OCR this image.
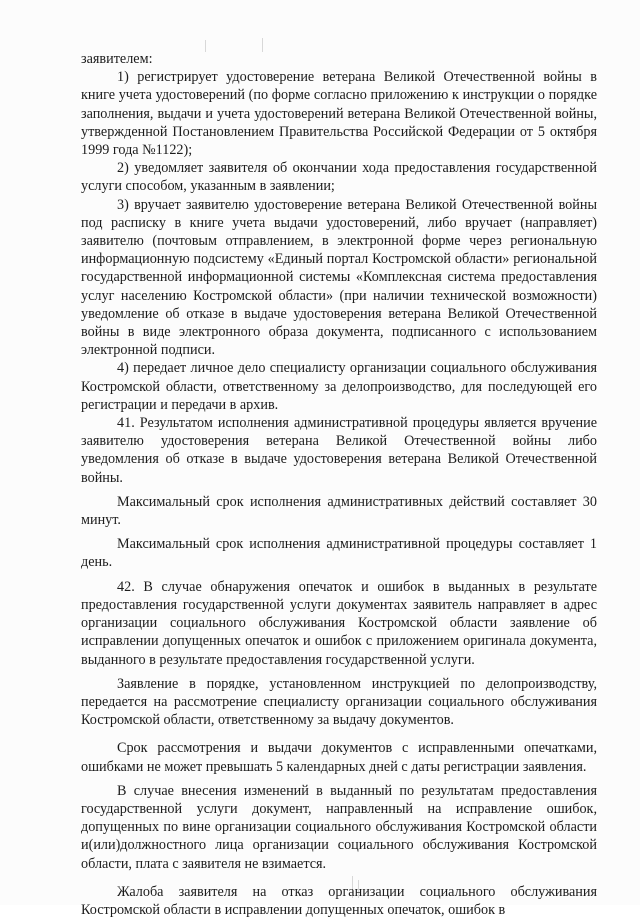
заявителем:

1) регистрирует удостоверение ветерана Великой Отечественной войны в книге учета удостоверений (по форме согласно приложению к инструкции о порядке заполнения, выдачи и учета удостоверений ветерана Великой Отечественной войны, утвержденной Постановлением Правительства Российской Федерации от 5 октября 1999 года №1122);

2) уведомляет заявителя об окончании хода предоставления государственной услуги способом, указанным в заявлении;

3) вручает заявителю удостоверение ветерана Великой Отечественной войны под расписку в книге учета выдачи удостоверений, либо вручает (направляет) заявителю (почтовым отправлением, в электронной форме через региональную информационную подсистему «Единый портал Костромской области» региональной государственной информационной системы «Комплексная система предоставления услуг населению Костромской области» (при наличии технической возможности) уведомление об отказе в выдаче удостоверения ветерана Великой Отечественной войны в виде электронного образа документа, подписанного с использованием электронной подписи.

4) передает личное дело специалисту организации социального обслуживания Костромской области, ответственному за делопроизводство, для последующей его регистрации и передачи в архив.

41. Результатом исполнения административной процедуры является вручение заявителю удостоверения ветерана Великой Отечественной войны либо уведомления об отказе в выдаче удостоверения ветерана Великой Отечественной войны.

Максимальный срок исполнения административных действий составляет 30 минут.

Максимальный срок исполнения административной процедуры составляет 1 день.

42. В случае обнаружения опечаток и ошибок в выданных в результате предоставления государственной услуги документах заявитель направляет в адрес организации социального обслуживания Костромской области заявление об исправлении допущенных опечаток и ошибок с приложением оригинала документа, выданного в результате предоставления государственной услуги.

Заявление в порядке, установленном инструкцией по делопроизводству, передается на рассмотрение специалисту организации социального обслуживания Костромской области, ответственному за выдачу документов.

Срок рассмотрения и выдачи документов с исправленными опечатками, ошибками не может превышать 5 календарных дней с даты регистрации заявления.

В случае внесения изменений в выданный по результатам предоставления государственной услуги документ, направленный на исправление ошибок, допущенных по вине организации социального обслуживания Костромской области и(или)должностного лица организации социального обслуживания Костромской области, плата с заявителя не взимается.

Жалоба заявителя на отказ организации социального обслуживания Костромской области в исправлении допущенных опечаток, ошибок в
